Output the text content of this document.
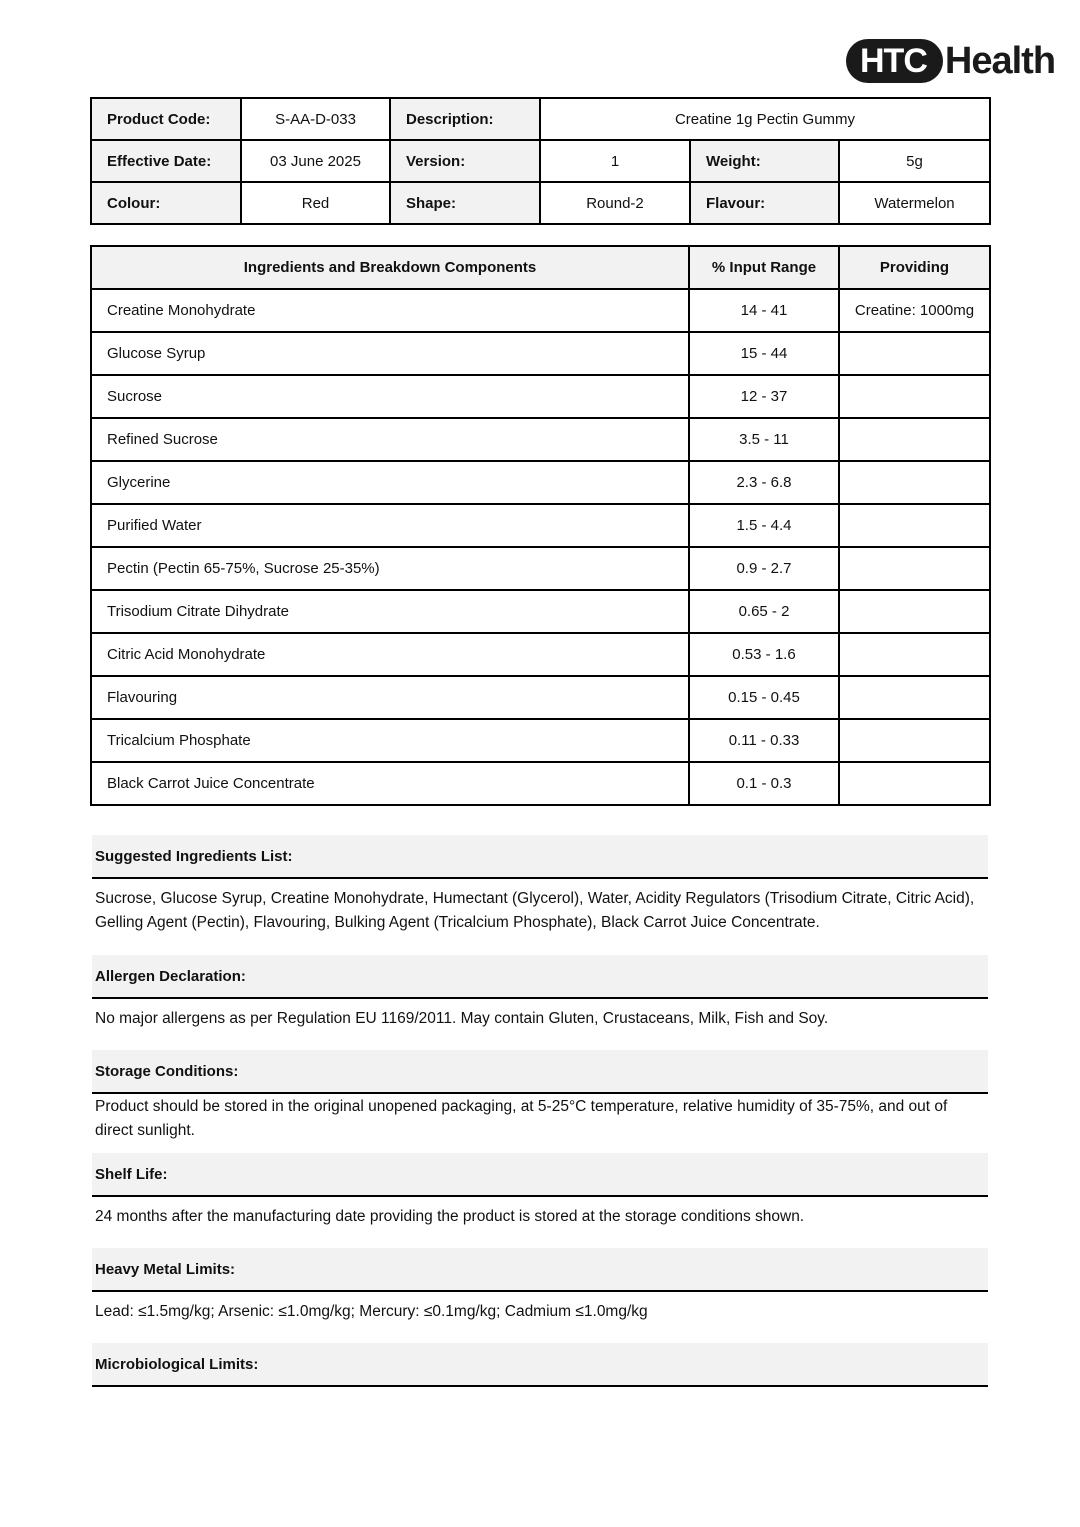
HTC Health
Product Code:	S-AA-D-033	Description:	Creatine 1g Pectin Gummy		
Effective Date:	03 June 2025	Version:	1	Weight:	5g
Colour:	Red	Shape:	Round-2	Flavour:	Watermelon
Ingredients and Breakdown Components	% Input Range	Providing
Creatine Monohydrate	14 - 41	Creatine: 1000mg
Glucose Syrup	15 - 44	
Sucrose	12 - 37	
Refined Sucrose	3.5 - 11	
Glycerine	2.3 - 6.8	
Purified Water	1.5 - 4.4	
Pectin (Pectin 65-75%, Sucrose 25-35%)	0.9 - 2.7	
Trisodium Citrate Dihydrate	0.65 - 2	
Citric Acid Monohydrate	0.53 - 1.6	
Flavouring	0.15 - 0.45	
Tricalcium Phosphate	0.11 - 0.33	
Black Carrot Juice Concentrate	0.1 - 0.3	
Suggested Ingredients List:
Sucrose, Glucose Syrup, Creatine Monohydrate, Humectant (Glycerol), Water, Acidity Regulators (Trisodium Citrate, Citric Acid), Gelling Agent (Pectin), Flavouring, Bulking Agent (Tricalcium Phosphate), Black Carrot Juice Concentrate.
Allergen Declaration:
No major allergens as per Regulation EU 1169/2011. May contain Gluten, Crustaceans, Milk, Fish and Soy.
Storage Conditions:
Product should be stored in the original unopened packaging, at 5-25°C temperature, relative humidity of 35-75%, and out of direct sunlight.
Shelf Life:
24 months after the manufacturing date providing the product is stored at the storage conditions shown.
Heavy Metal Limits:
Lead: ≤1.5mg/kg; Arsenic: ≤1.0mg/kg; Mercury: ≤0.1mg/kg; Cadmium ≤1.0mg/kg
Microbiological Limits:
